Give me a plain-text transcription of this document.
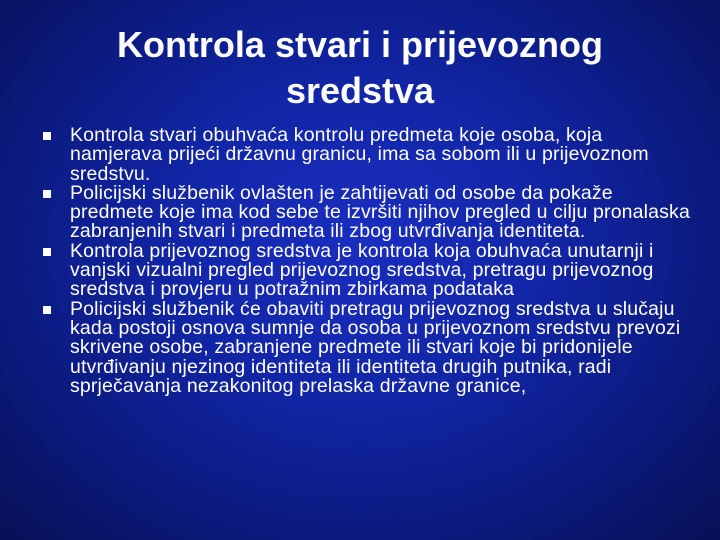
Kontrola stvari i prijevoznog sredstva
Kontrola stvari obuhvaća kontrolu predmeta koje osoba, koja namjerava prijeći državnu granicu, ima sa sobom ili u prijevoznom sredstvu.
Policijski službenik ovlašten je zahtijevati od osobe da pokaže predmete koje ima kod sebe te izvršiti njihov pregled u cilju pronalaska zabranjenih stvari i predmeta ili zbog utvrđivanja identiteta.
Kontrola prijevoznog sredstva je kontrola koja obuhvaća unutarnji i vanjski vizualni pregled prijevoznog sredstva, pretragu prijevoznog sredstva i provjeru u potražnim zbirkama podataka
Policijski službenik će obaviti pretragu prijevoznog sredstva u slučaju kada postoji osnova sumnje da osoba u prijevoznom sredstvu prevozi skrivene osobe, zabranjene predmete ili stvari koje bi pridonijele utvrđivanju njezinog identiteta ili identiteta drugih putnika, radi sprječavanja nezakonitog prelaska državne granice,
